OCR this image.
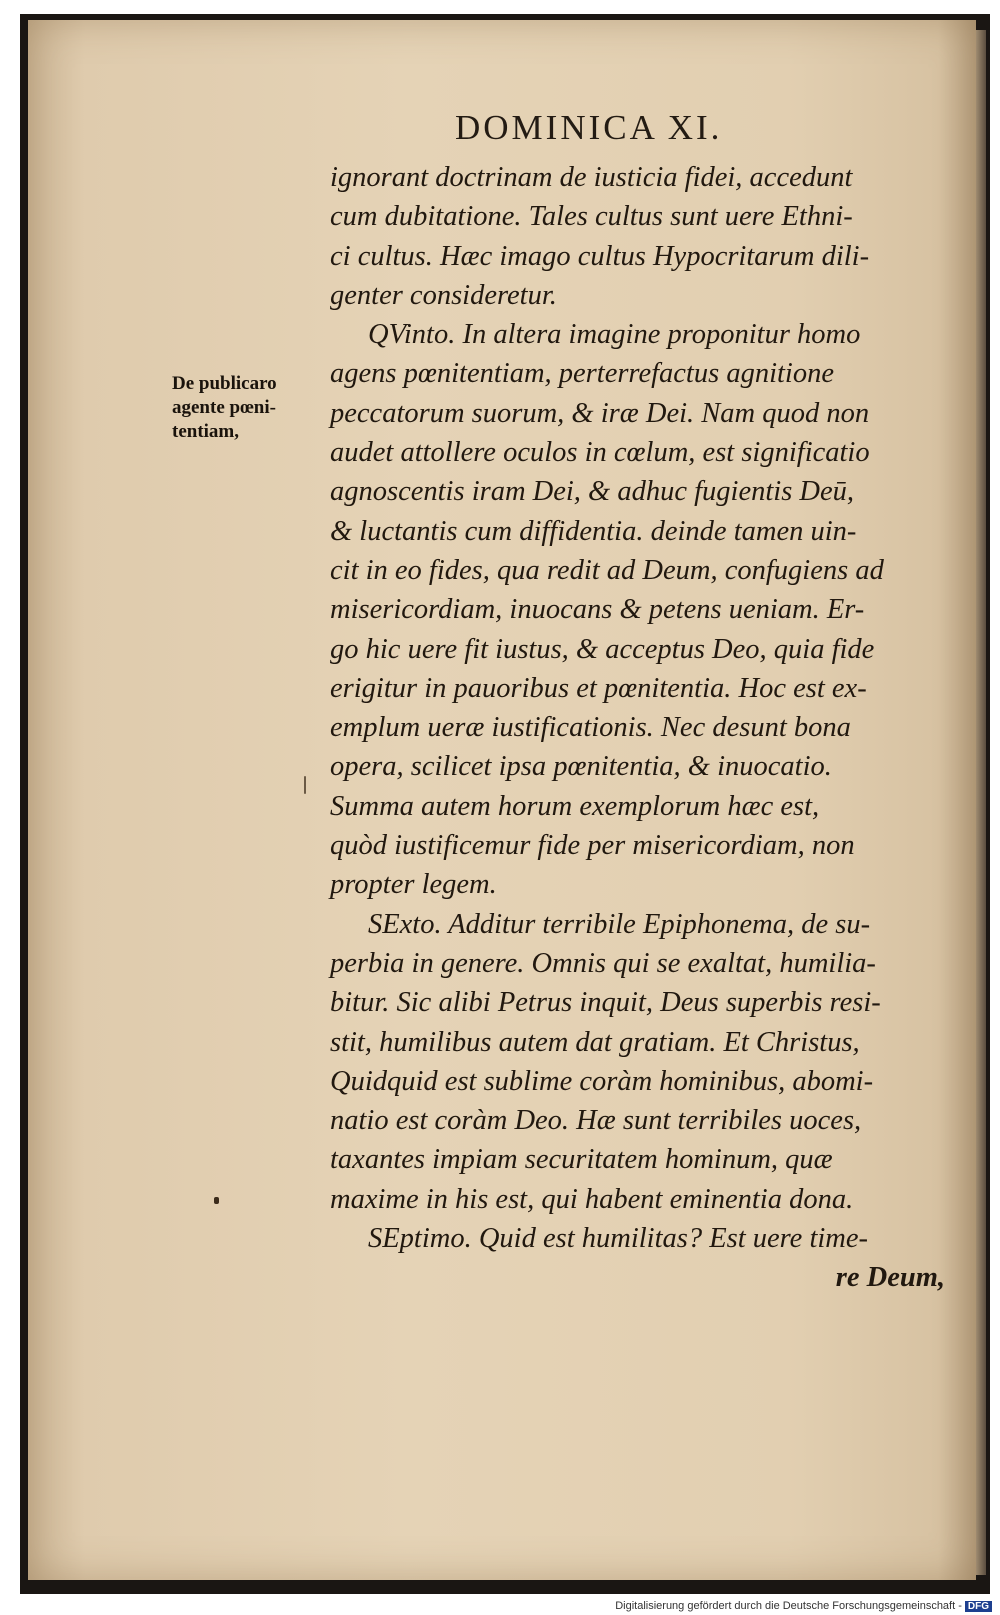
DOMINICA XI.
De publicaro
agente pœni-
tentiam,
ignorant doctrinam de iusticia fidei, accedunt
cum dubitatione. Tales cultus sunt uere Ethni-
ci cultus. Hæc imago cultus Hypocritarum dili-
genter consideretur.
QVinto. In altera imagine proponitur homo
agens pœnitentiam, perterrefactus agnitione
peccatorum suorum, & iræ Dei. Nam quod non
audet attollere oculos in cœlum, est significatio
agnoscentis iram Dei, & adhuc fugientis Deū,
& luctantis cum diffidentia. deinde tamen uin-
cit in eo fides, qua redit ad Deum, confugiens ad
misericordiam, inuocans & petens ueniam. Er-
go hic uere fit iustus, & acceptus Deo, quia fide
erigitur in pauoribus et pœnitentia. Hoc est ex-
emplum ueræ iustificationis. Nec desunt bona
opera, scilicet ipsa pœnitentia, & inuocatio.
Summa autem horum exemplorum hæc est,
quòd iustificemur fide per misericordiam, non
propter legem.
SExto. Additur terribile Epiphonema, de su-
perbia in genere. Omnis qui se exaltat, humilia-
bitur. Sic alibi Petrus inquit, Deus superbis resi-
stit, humilibus autem dat gratiam. Et Christus,
Quidquid est sublime coràm hominibus, abomi-
natio est coràm Deo. Hæ sunt terribiles uoces,
taxantes impiam securitatem hominum, quæ
maxime in his est, qui habent eminentia dona.
SEptimo. Quid est humilitas? Est uere time-
re Deum,
Digitalisierung gefördert durch die Deutsche Forschungsgemeinschaft - DFG
